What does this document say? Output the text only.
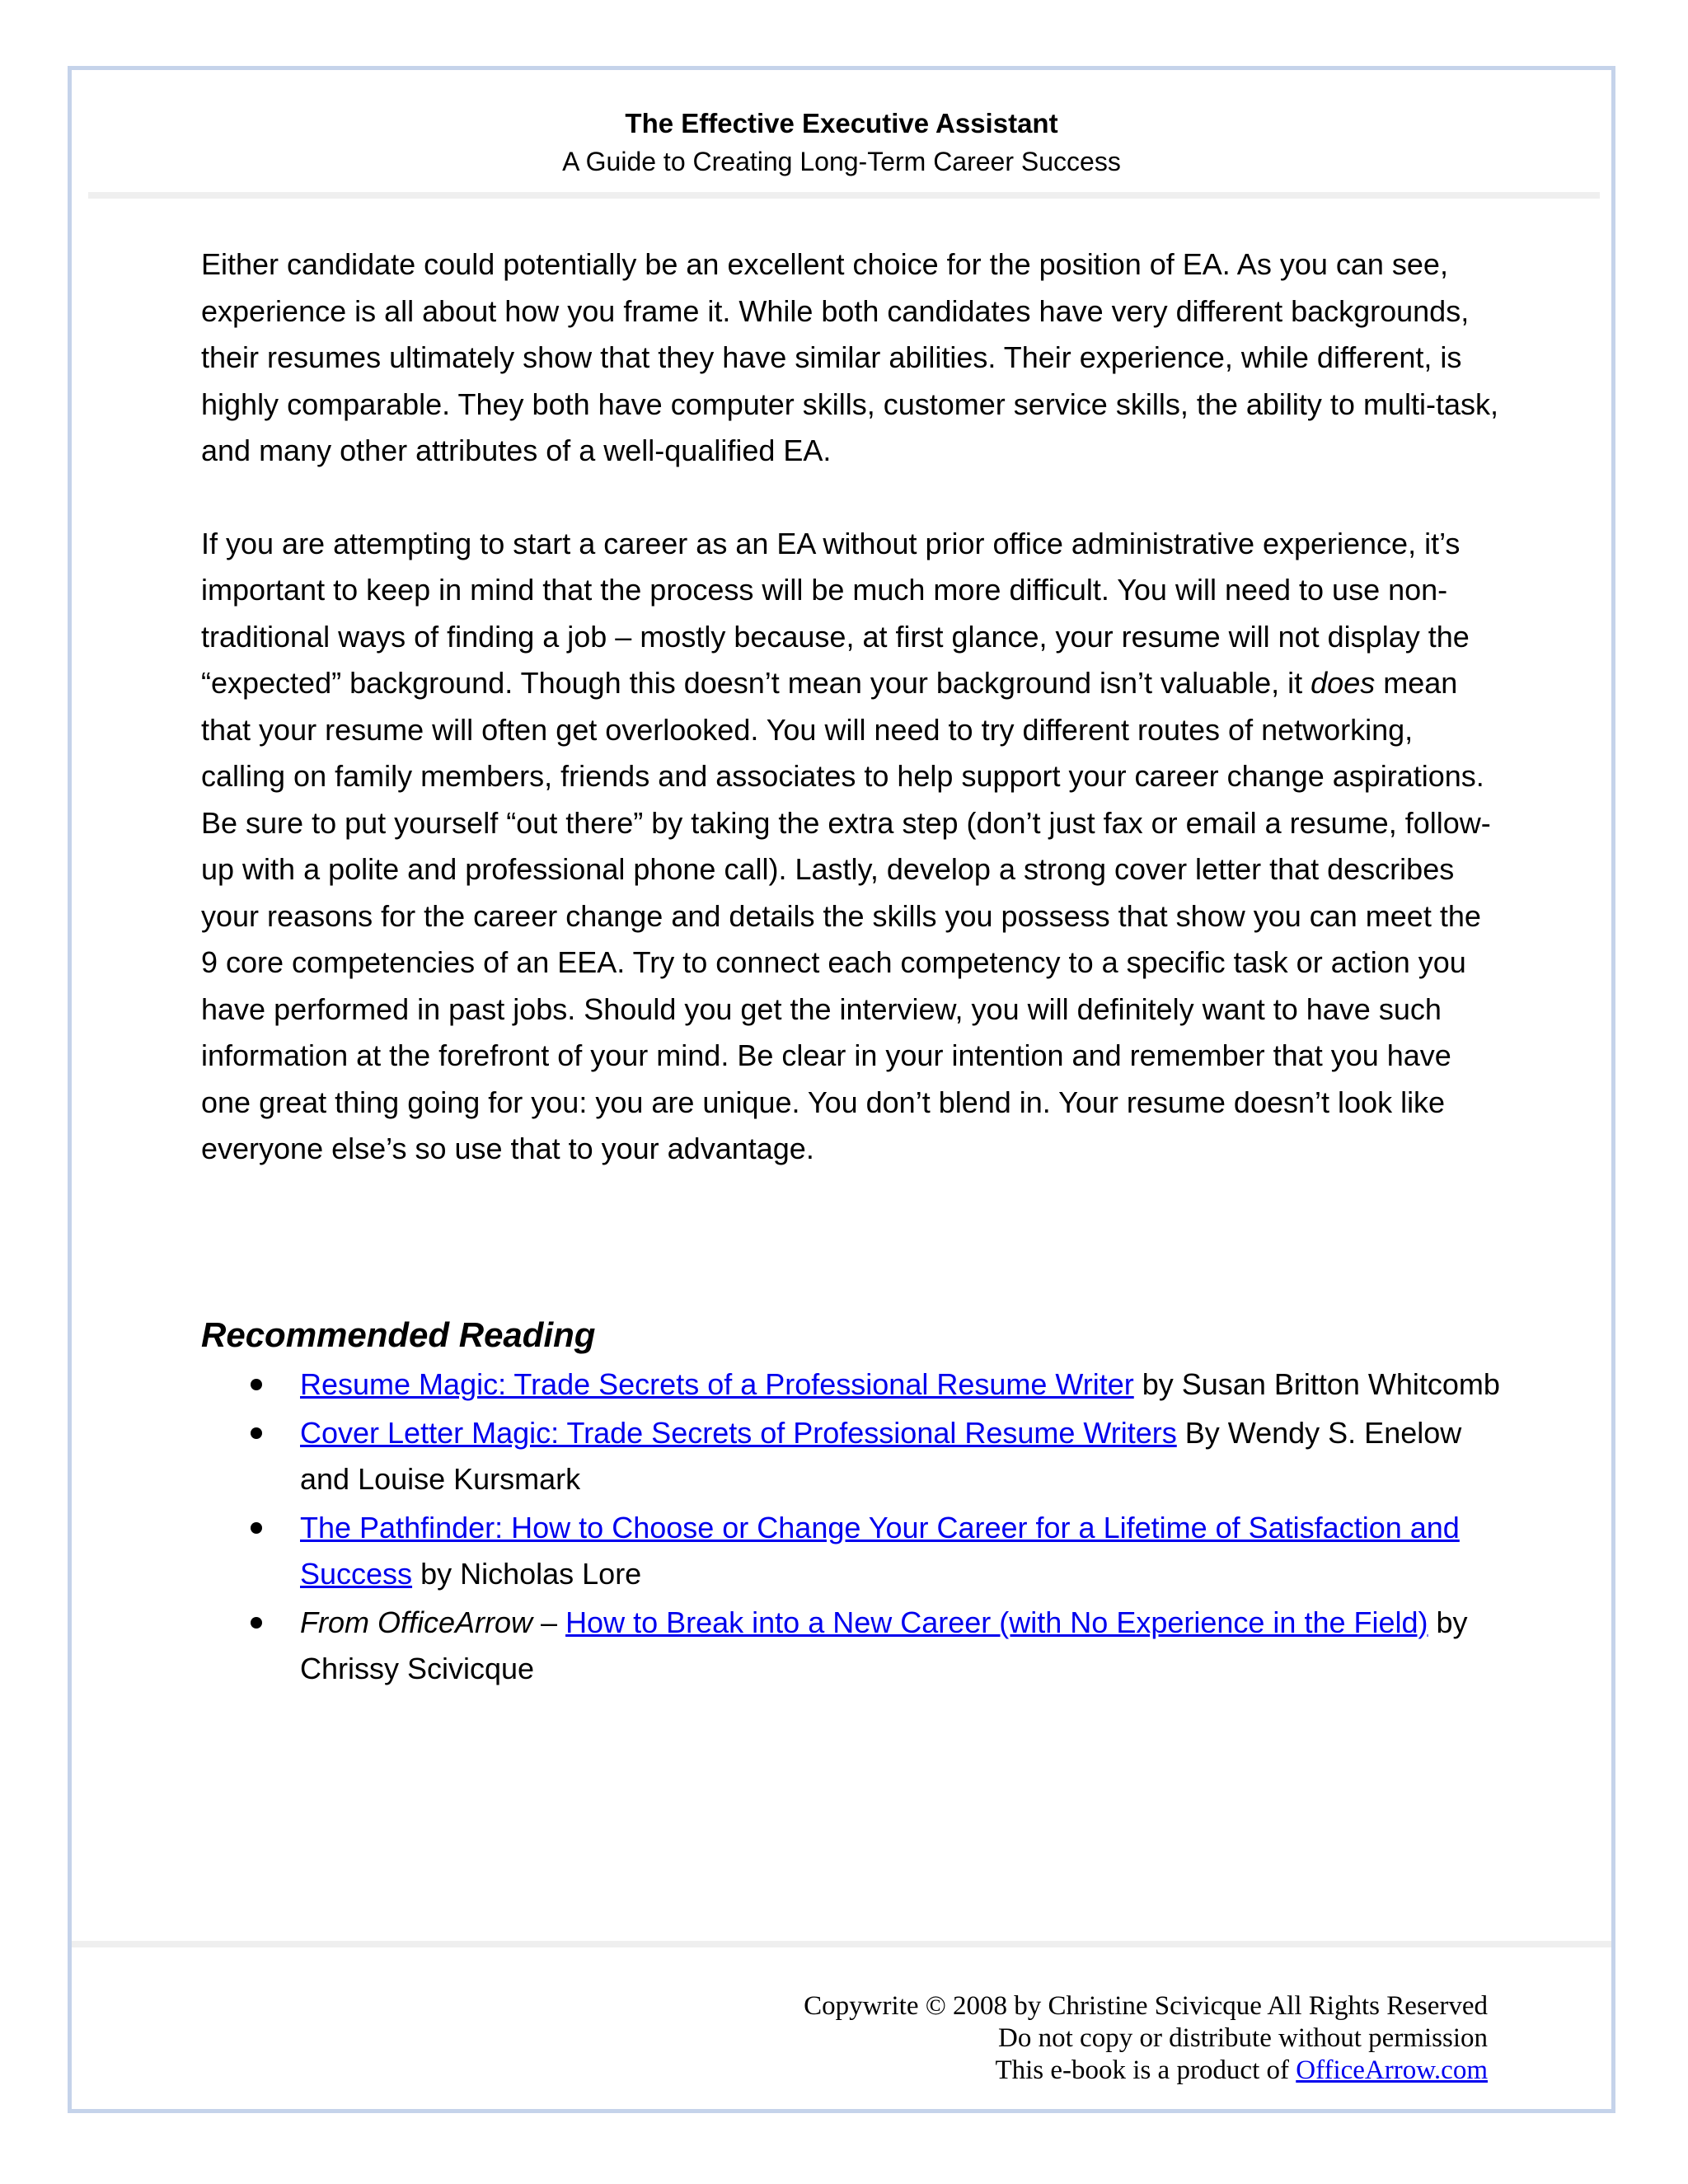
The Effective Executive Assistant
A Guide to Creating Long-Term Career Success

Either candidate could potentially be an excellent choice for the position of EA. As you can see, experience is all about how you frame it. While both candidates have very different backgrounds, their resumes ultimately show that they have similar abilities. Their experience, while different, is highly comparable. They both have computer skills, customer service skills, the ability to multi-task, and many other attributes of a well-qualified EA.

If you are attempting to start a career as an EA without prior office administrative experience, it’s important to keep in mind that the process will be much more difficult. You will need to use non-traditional ways of finding a job – mostly because, at first glance, your resume will not display the “expected” background. Though this doesn’t mean your background isn’t valuable, it does mean that your resume will often get overlooked. You will need to try different routes of networking, calling on family members, friends and associates to help support your career change aspirations. Be sure to put yourself “out there” by taking the extra step (don’t just fax or email a resume, follow-up with a polite and professional phone call). Lastly, develop a strong cover letter that describes your reasons for the career change and details the skills you possess that show you can meet the 9 core competencies of an EEA. Try to connect each competency to a specific task or action you have performed in past jobs. Should you get the interview, you will definitely want to have such information at the forefront of your mind. Be clear in your intention and remember that you have one great thing going for you: you are unique. You don’t blend in. Your resume doesn’t look like everyone else’s so use that to your advantage.

Recommended Reading
Resume Magic: Trade Secrets of a Professional Resume Writer by Susan Britton Whitcomb
Cover Letter Magic: Trade Secrets of Professional Resume Writers By Wendy S. Enelow and Louise Kursmark
The Pathfinder: How to Choose or Change Your Career for a Lifetime of Satisfaction and Success by Nicholas Lore
From OfficeArrow – How to Break into a New Career (with No Experience in the Field) by Chrissy Scivicque
Copywrite © 2008 by Christine Scivicque All Rights Reserved
Do not copy or distribute without permission
This e-book is a product of OfficeArrow.com
